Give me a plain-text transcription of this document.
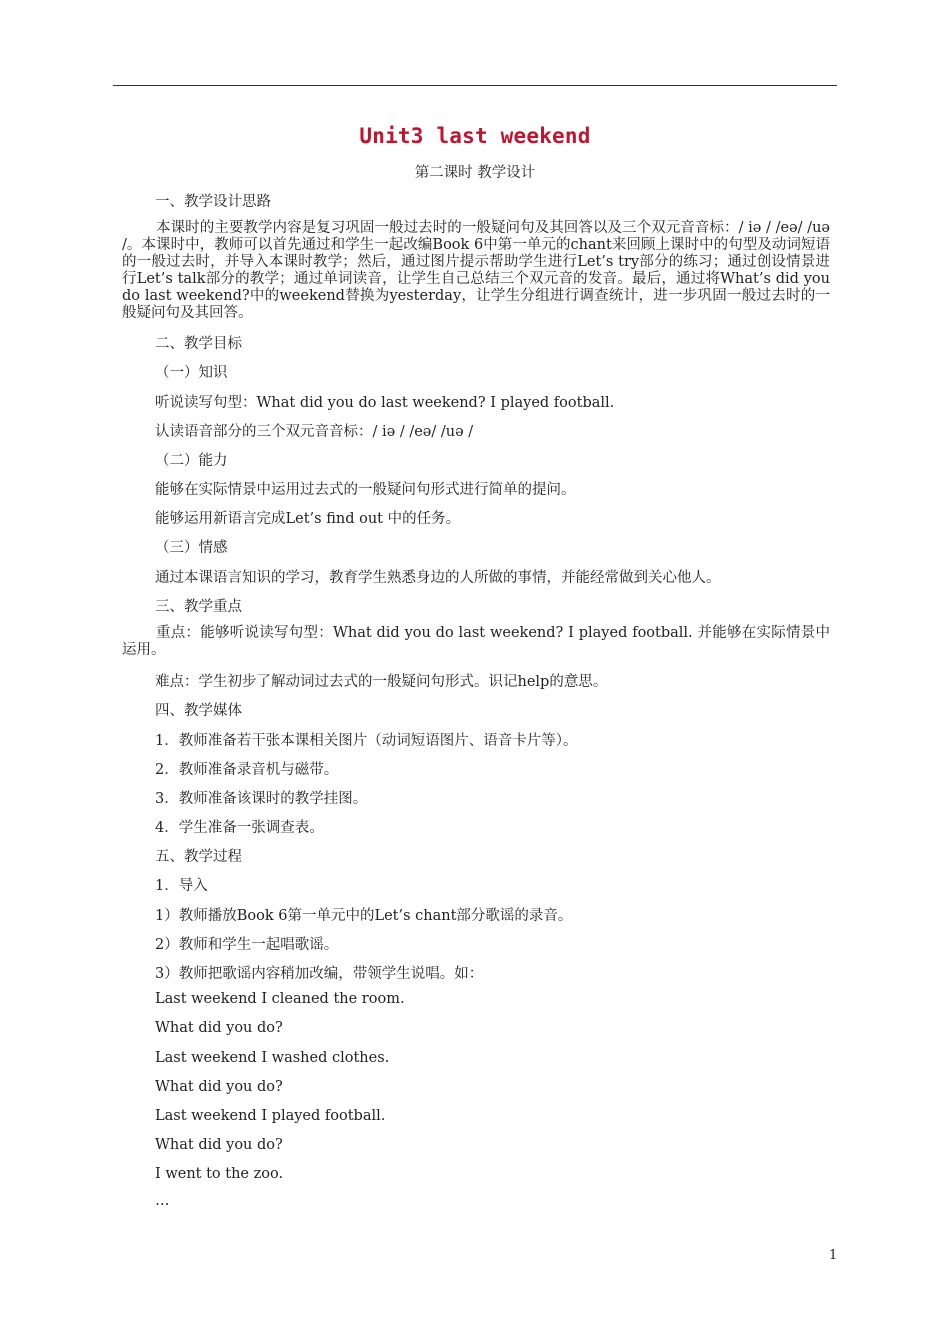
Unit3 last weekend
第二课时 教学设计
一、教学设计思路
本课时的主要教学内容是复习巩固一般过去时的一般疑问句及其回答以及三个双元音音标：/ iə / /eə/ /uə /。本课时中，教师可以首先通过和学生一起改编Book 6中第一单元的chant来回顾上课时中的句型及动词短语的一般过去时，并导入本课时教学；然后，通过图片提示帮助学生进行Let’s try部分的练习；通过创设情景进行Let’s talk部分的教学；通过单词读音，让学生自己总结三个双元音的发音。最后，通过将What’s did you do last weekend?中的weekend替换为yesterday，让学生分组进行调查统计，进一步巩固一般过去时的一般疑问句及其回答。
二、教学目标
（一）知识
听说读写句型：What did you do last weekend? I played football.
认读语音部分的三个双元音音标：/ iə / /eə/ /uə /
（二）能力
能够在实际情景中运用过去式的一般疑问句形式进行简单的提问。
能够运用新语言完成Let’s find out 中的任务。
（三）情感
通过本课语言知识的学习，教育学生熟悉身边的人所做的事情，并能经常做到关心他人。
三、教学重点
重点：能够听说读写句型：What did you do last weekend? I played football. 并能够在实际情景中运用。
难点：学生初步了解动词过去式的一般疑问句形式。识记help的意思。
四、教学媒体
1．教师准备若干张本课相关图片（动词短语图片、语音卡片等）。
2．教师准备录音机与磁带。
3．教师准备该课时的教学挂图。
4．学生准备一张调查表。
五、教学过程
1．导入
1）教师播放Book 6第一单元中的Let’s chant部分歌谣的录音。
2）教师和学生一起唱歌谣。
3）教师把歌谣内容稍加改编，带领学生说唱。如：
Last weekend I cleaned the room.
What did you do?
Last weekend I washed clothes.
What did you do?
Last weekend I played football.
What did you do?
I went to the zoo.
…
1
